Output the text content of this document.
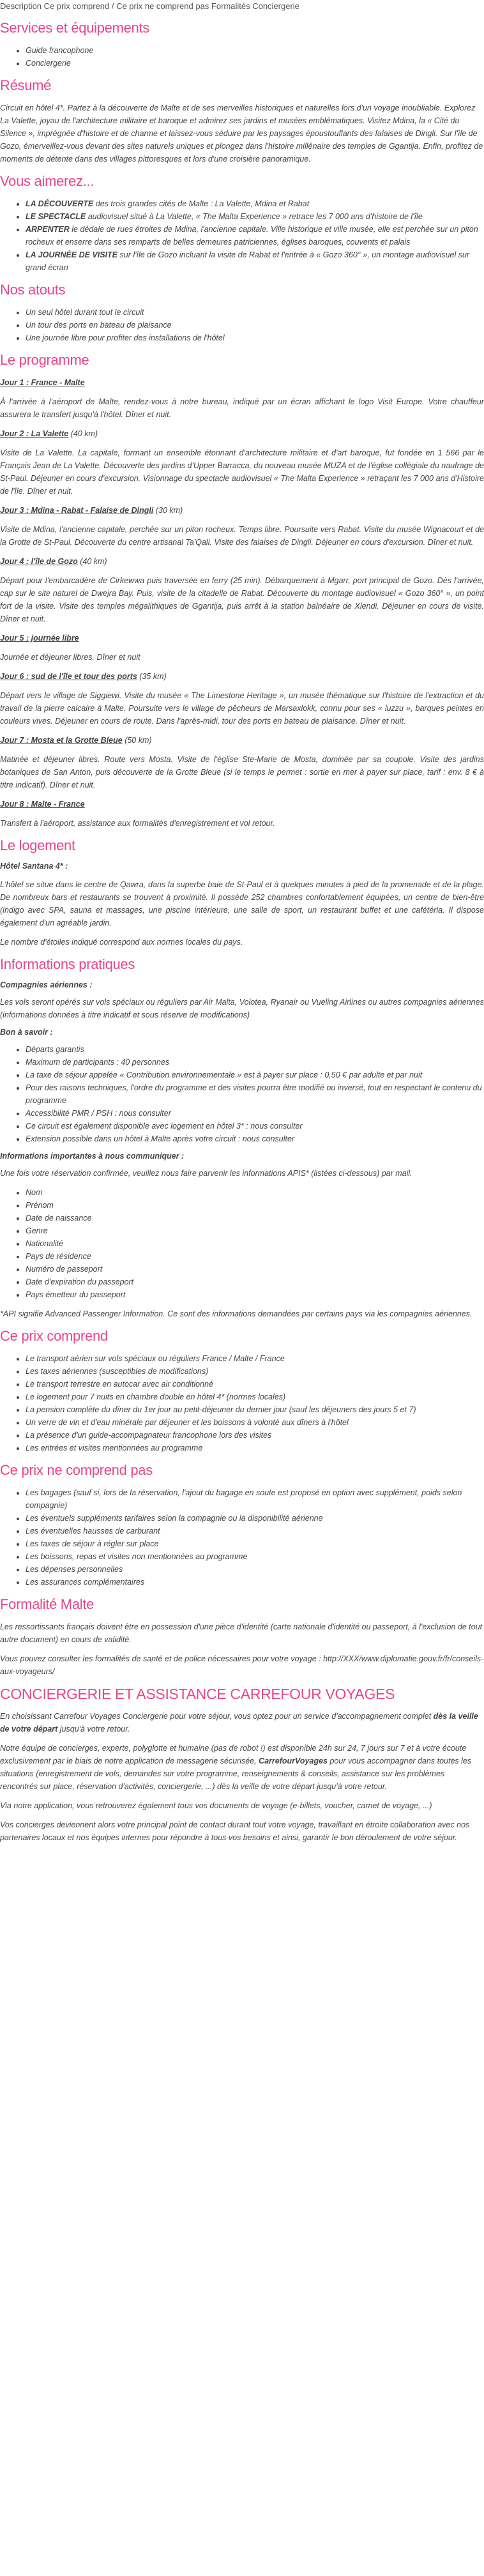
Description Ce prix comprend / Ce prix ne comprend pas Formalités Conciergerie
Services et équipements
• Guide francophone
• Conciergerie
Résumé

Circuit en hôtel 4*. Partez à la découverte de Malte et de ses merveilles historiques et naturelles lors d'un voyage inoubliable. Explorez La Valette, joyau de l'architecture militaire et baroque et admirez ses jardins et musées emblématiques. Visitez Mdina, la « Cité du Silence », imprégnée d'histoire et de charme et laissez-vous séduire par les paysages époustouflants des falaises de Dingli. Sur l'île de Gozo, émerveillez-vous devant des sites naturels uniques et plongez dans l'histoire millénaire des temples de Ggantija. Enfin, profitez de moments de détente dans des villages pittoresques et lors d'une croisière panoramique.

Vous aimerez...
• LA DÉCOUVERTE des trois grandes cités de Malte : La Valette, Mdina et Rabat
• LE SPECTACLE audiovisuel situé à La Valette, « The Malta Experience » retrace les 7 000 ans d'histoire de l'île
• ARPENTER le dédale de rues étroites de Mdina, l'ancienne capitale. Ville historique et ville musée, elle est perchée sur un piton rocheux et enserre dans ses remparts de belles demeures patriciennes, églises baroques, couvents et palais
• LA JOURNÉE DE VISITE sur l'île de Gozo incluant la visite de Rabat et l'entrée à « Gozo 360° », un montage audiovisuel sur grand écran
Nos atouts
• Un seul hôtel durant tout le circuit
• Un tour des ports en bateau de plaisance
• Une journée libre pour profiter des installations de l'hôtel
Le programme

Jour 1 : France - Malte

À l'arrivée à l'aéroport de Malte, rendez-vous à notre bureau, indiqué par un écran affichant le logo Visit Europe. Votre chauffeur assurera le transfert jusqu'à l'hôtel. Dîner et nuit.

Jour 2 : La Valette (40 km)

Visite de La Valette. La capitale, formant un ensemble étonnant d'architecture militaire et d'art baroque, fut fondée en 1 566 par le Français Jean de La Valette. Découverte des jardins d'Upper Barracca, du nouveau musée MUZA et de l'église collégiale du naufrage de St-Paul. Déjeuner en cours d'excursion. Visionnage du spectacle audiovisuel « The Malta Experience » retraçant les 7 000 ans d'Histoire de l'île. Dîner et nuit.

Jour 3 : Mdina - Rabat - Falaise de Dingli (30 km)

Visite de Mdina, l'ancienne capitale, perchée sur un piton rocheux. Temps libre. Poursuite vers Rabat. Visite du musée Wignacourt et de la Grotte de St-Paul. Découverte du centre artisanal Ta'Qali. Visite des falaises de Dingli. Déjeuner en cours d'excursion. Dîner et nuit.

Jour 4 : l'île de Gozo (40 km)

Départ pour l'embarcadère de Cirkewwa puis traversée en ferry (25 min). Débarquement à Mgarr, port principal de Gozo. Dès l'arrivée, cap sur le site naturel de Dwejra Bay. Puis, visite de la citadelle de Rabat. Découverte du montage audiovisuel « Gozo 360° », un point fort de la visite. Visite des temples mégalithiques de Ggantija, puis arrêt à la station balnéaire de Xlendi. Déjeuner en cours de visite. Dîner et nuit.

Jour 5 : journée libre

Journée et déjeuner libres. Dîner et nuit

Jour 6 : sud de l'île et tour des ports (35 km)

Départ vers le village de Siggiewi. Visite du musée « The Limestone Heritage », un musée thématique sur l'histoire de l'extraction et du travail de la pierre calcaire à Malte. Poursuite vers le village de pêcheurs de Marsaxlokk, connu pour ses « luzzu », barques peintes en couleurs vives. Déjeuner en cours de route. Dans l'après-midi, tour des ports en bateau de plaisance. Dîner et nuit.

Jour 7 : Mosta et la Grotte Bleue (50 km)

Matinée et déjeuner libres. Route vers Mosta. Visite de l'église Ste-Marie de Mosta, dominée par sa coupole. Visite des jardins botaniques de San Anton, puis découverte de la Grotte Bleue (si le temps le permet : sortie en mer à payer sur place, tarif : env. 8 € à titre indicatif). Dîner et nuit.

Jour 8 : Malte - France

Transfert à l'aéroport, assistance aux formalités d'enregistrement et vol retour.

Le logement
Hôtel Santana 4* :

L'hôtel se situe dans le centre de Qawra, dans la superbe baie de St-Paul et à quelques minutes à pied de la promenade et de la plage. De nombreux bars et restaurants se trouvent à proximité. Il possède 252 chambres confortablement équipées, un centre de bien-être (indigo avec SPA, sauna et massages, une piscine intérieure, une salle de sport, un restaurant buffet et une cafétéria. Il dispose également d'un agréable jardin.

Le nombre d'étoiles indiqué correspond aux normes locales du pays.

Informations pratiques
Compagnies aériennes :

Les vols seront opérés sur vols spéciaux ou réguliers par Air Malta, Volotea, Ryanair ou Vueling Airlines ou autres compagnies aériennes (informations données à titre indicatif et sous réserve de modifications)

Bon à savoir :
• Départs garantis
• Maximum de participants : 40 personnes
• La taxe de séjour appelée « Contribution environnementale » est à payer sur place : 0,50 € par adulte et par nuit
• Pour des raisons techniques, l'ordre du programme et des visites pourra être modifié ou inversé, tout en respectant le contenu du programme
• Accessibilité PMR / PSH : nous consulter
• Ce circuit est également disponible avec logement en hôtel 3* : nous consulter
• Extension possible dans un hôtel à Malte après votre circuit : nous consulter
Informations importantes à nous communiquer :

Une fois votre réservation confirmée, veuillez nous faire parvenir les informations APIS* (listées ci-dessous) par mail.

• Nom
• Prénom
• Date de naissance
• Genre
• Nationalité
• Pays de résidence
• Numéro de passeport
• Date d'expiration du passeport
• Pays émetteur du passeport

*API signifie Advanced Passenger Information. Ce sont des informations demandées par certains pays via les compagnies aériennes.

Ce prix comprend
• Le transport aérien sur vols spéciaux ou réguliers France / Malte / France
• Les taxes aériennes (susceptibles de modifications)
• Le transport terrestre en autocar avec air conditionné
• Le logement pour 7 nuits en chambre double en hôtel 4* (normes locales)
• La pension complète du dîner du 1er jour au petit-déjeuner du dernier jour (sauf les déjeuners des jours 5 et 7)
• Un verre de vin et d'eau minérale par déjeuner et les boissons à volonté aux dîners à l'hôtel
• La présence d'un guide-accompagnateur francophone lors des visites
• Les entrées et visites mentionnées au programme
Ce prix ne comprend pas
• Les bagages (sauf si, lors de la réservation, l'ajout du bagage en soute est proposé en option avec supplément, poids selon compagnie)
• Les éventuels suppléments tarifaires selon la compagnie ou la disponibilité aérienne
• Les éventuelles hausses de carburant
• Les taxes de séjour à régler sur place
• Les boissons, repas et visites non mentionnées au programme
• Les dépenses personnelles
• Les assurances complémentaires
Formalité Malte

Les ressortissants français doivent être en possession d'une pièce d'identité (carte nationale d'identité ou passeport, à l'exclusion de tout autre document) en cours de validité.

Vous pouvez consulter les formalités de santé et de police nécessaires pour votre voyage : http://XXX/www.diplomatie.gouv.fr/fr/conseils-aux-voyageurs/

CONCIERGERIE ET ASSISTANCE CARREFOUR VOYAGES

En choisissant Carrefour Voyages Conciergerie pour votre séjour, vous optez pour un service d'accompagnement complet dès la veille de votre départ jusqu'à votre retour.

Notre équipe de concierges, experte, polyglotte et humaine (pas de robot !) est disponible 24h sur 24, 7 jours sur 7 et à votre écoute exclusivement par le biais de notre application de messagerie sécurisée, CarrefourVoyages pour vous accompagner dans toutes les situations (enregistrement de vols, demandes sur votre programme, renseignements & conseils, assistance sur les problèmes rencontrés sur place, réservation d'activités, conciergerie, ...) dès la veille de votre départ jusqu'à votre retour.

Via notre application, vous retrouverez également tous vos documents de voyage (e-billets, voucher, carnet de voyage, ...)

Vos concierges deviennent alors votre principal point de contact durant tout votre voyage, travaillant en étroite collaboration avec nos partenaires locaux et nos équipes internes pour répondre à tous vos besoins et ainsi, garantir le bon déroulement de votre séjour.
